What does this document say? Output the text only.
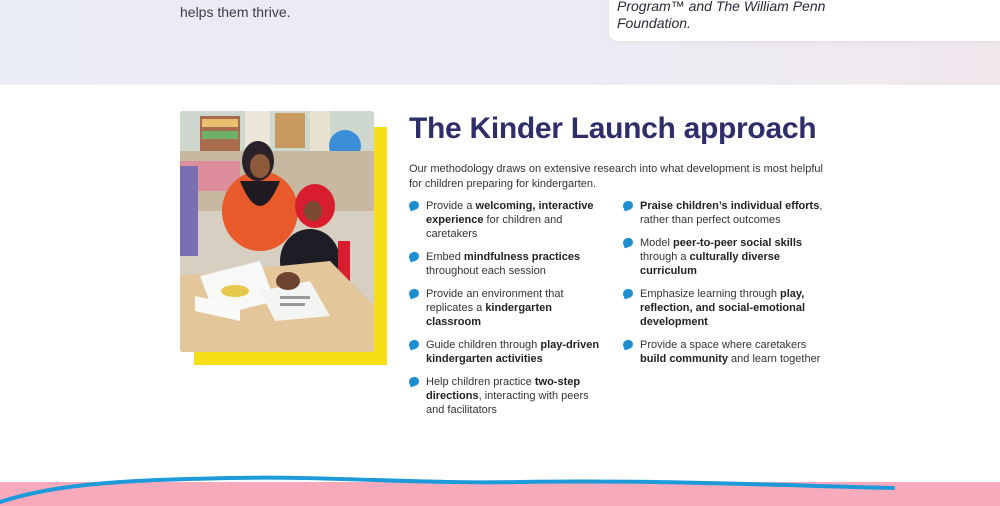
helps them thrive.	Program™ and The William Penn
Foundation.
The Kinder Launch approach

Our methodology draws on extensive research into what development is most helpful for children preparing for kindergarten.

Provide a welcoming, interactive experience for children and caretakers
Embed mindfulness practices throughout each session
Provide an environment that replicates a kindergarten classroom
Guide children through play-driven kindergarten activities
Help children practice two-step directions, interacting with peers and facilitators
Praise children’s individual efforts, rather than perfect outcomes
Model peer-to-peer social skills through a culturally diverse curriculum
Emphasize learning through play, reflection, and social-emotional development
Provide a space where caretakers build community and learn together
